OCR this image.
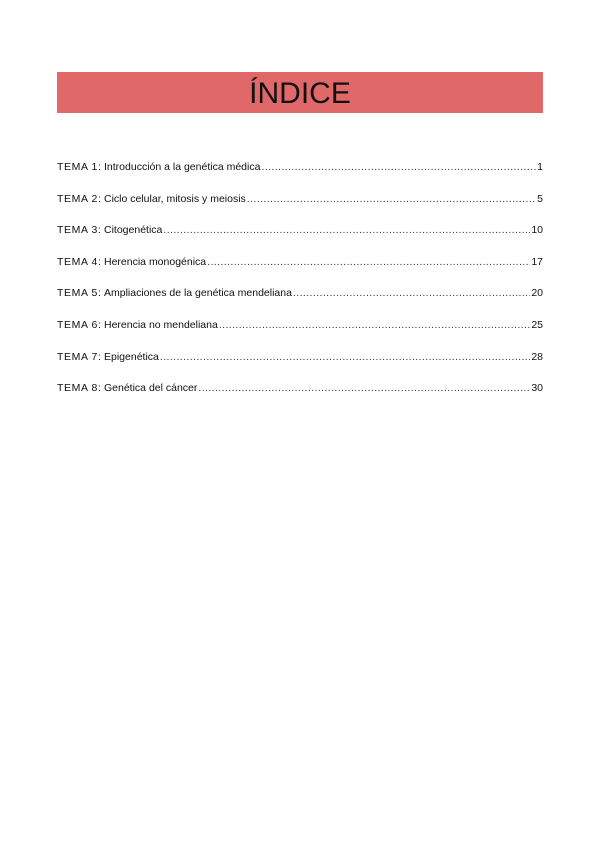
ÍNDICE
TEMA 1: Introducción a la genética médica .....	1
TEMA 2: Ciclo celular, mitosis y meiosis .....	5
TEMA 3: Citogenética .....	10
TEMA 4: Herencia monogénica .....	17
TEMA 5: Ampliaciones de la genética mendeliana .....	20
TEMA 6: Herencia no mendeliana .....	25
TEMA 7: Epigenética .....	28
TEMA 8: Genética del cáncer .....	30
